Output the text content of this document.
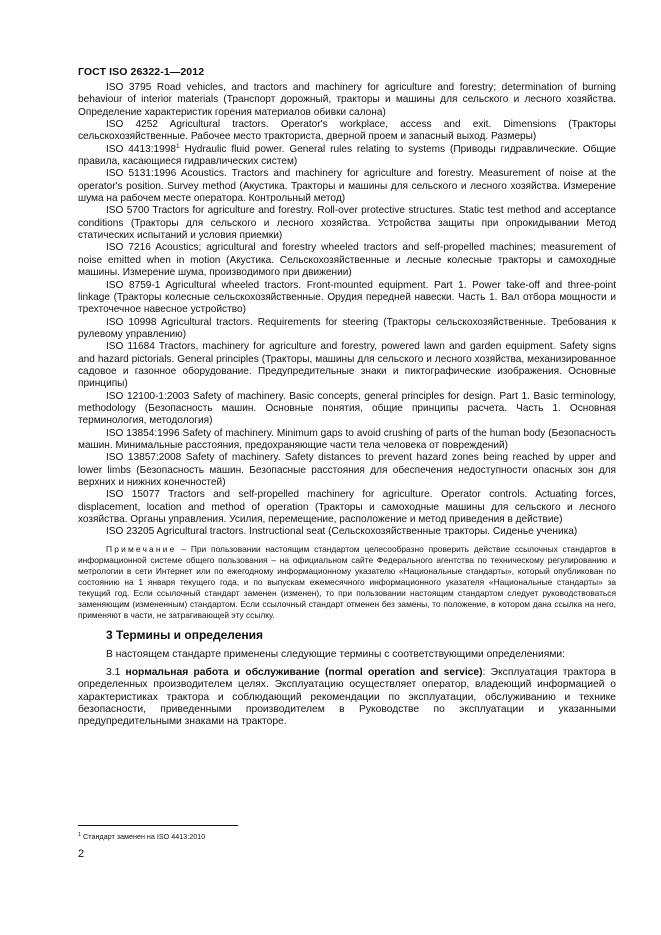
ГОСТ ISO 26322-1—2012

ISO 3795 Road vehicles, and tractors and machinery for agriculture and forestry; determination of burning behaviour of interior materials (Транспорт дорожный, тракторы и машины для сельского и лесного хозяйства. Определение характеристик горения материалов обивки салона)

ISO 4252 Agricultural tractors. Operator's workplace, access and exit. Dimensions (Тракторы сельскохозяйственные. Рабочее место тракториста, дверной проем и запасный выход. Размеры)

ISO 4413:1998$^1$ Hydraulic fluid power. General rules relating to systems (Приводы гидравлические. Общие правила, касающиеся гидравлических систем)

ISO 5131:1996 Acoustics. Tractors and machinery for agriculture and forestry. Measurement of noise at the operator's position. Survey method (Акустика. Тракторы и машины для сельского и лесного хозяйства. Измерение шума на рабочем месте оператора. Контрольный метод)

ISO 5700 Tractors for agriculture and forestry. Roll-over protective structures. Static test method and acceptance conditions (Тракторы для сельского и лесного хозяйства. Устройства защиты при опрокидывании Метод статических испытаний и условия приемки)

ISO 7216 Acoustics; agricultural and forestry wheeled tractors and self-propelled machines; measurement of noise emitted when in motion (Акустика. Сельскохозяйственные и лесные колесные тракторы и самоходные машины. Измерение шума, производимого при движении)

ISO 8759-1 Agricultural wheeled tractors. Front-mounted equipment. Part 1. Power take-off and three-point linkage (Тракторы колесные сельскохозяйственные. Орудия передней навески. Часть 1. Вал отбора мощности и трехточечное навесное устройство)

ISO 10998 Agricultural tractors. Requirements for steering (Тракторы сельскохозяйственные. Требования к рулевому управлению)

ISO 11684 Tractors, machinery for agriculture and forestry, powered lawn and garden equipment. Safety signs and hazard pictorials. General principles (Тракторы, машины для сельского и лесного хозяйства, механизированное садовое и газонное оборудование. Предупредительные знаки и пиктографические изображения. Основные принципы)

ISO 12100-1:2003 Safety of machinery. Basic concepts, general principles for design. Part 1. Basic terminology, methodology (Безопасность машин. Основные понятия, общие принципы расчета. Часть 1. Основная терминология, методология)

ISO 13854:1996 Safety of machinery. Minimum gaps to avoid crushing of parts of the human body (Безопасность машин. Минимальные расстояния, предохраняющие части тела человека от повреждений)

ISO 13857:2008 Safety of machinery. Safety distances to prevent hazard zones being reached by upper and lower limbs (Безопасность машин. Безопасные расстояния для обеспечения недоступности опасных зон для верхних и нижних конечностей)

ISO 15077 Tractors and self-propelled machinery for agriculture. Operator controls. Actuating forces, displacement, location and method of operation (Тракторы и самоходные машины для сельского и лесного хозяйства. Органы управления. Усилия, перемещение, расположение и метод приведения в действие)

ISO 23205 Agricultural tractors. Instructional seat (Сельскохозяйственные тракторы. Сиденье ученика)

Примечание – При пользовании настоящим стандартом целесообразно проверить действие ссылочных стандартов в информационной системе общего пользования – на официальном сайте Федерального агентства по техническому регулированию и метрологии в сети Интернет или по ежегодному информационному указателю «Национальные стандарты», который опубликован по состоянию на 1 января текущего года, и по выпускам ежемесячного информационного указателя «Национальные стандарты» за текущий год. Если ссылочный стандарт заменен (изменен), то при пользовании настоящим стандартом следует руководствоваться заменяющим (измененным) стандартом. Если ссылочный стандарт отменен без замены, то положение, в котором дана ссылка на него, применяют в части, не затрагивающей эту ссылку.

3 Термины и определения

В настоящем стандарте применены следующие термины с соответствующими определениями:

3.1 нормальная работа и обслуживание (normal operation and service): Эксплуатация трактора в определенных производителем целях. Эксплуатацию осуществляет оператор, владеющий информацией о характеристиках трактора и соблюдающий рекомендации по эксплуатации, обслуживанию и технике безопасности, приведенными производителем в Руководстве по эксплуатации и указанными предупредительными знаками на тракторе.

$^1$ Стандарт заменен на ISO 4413:2010
2
